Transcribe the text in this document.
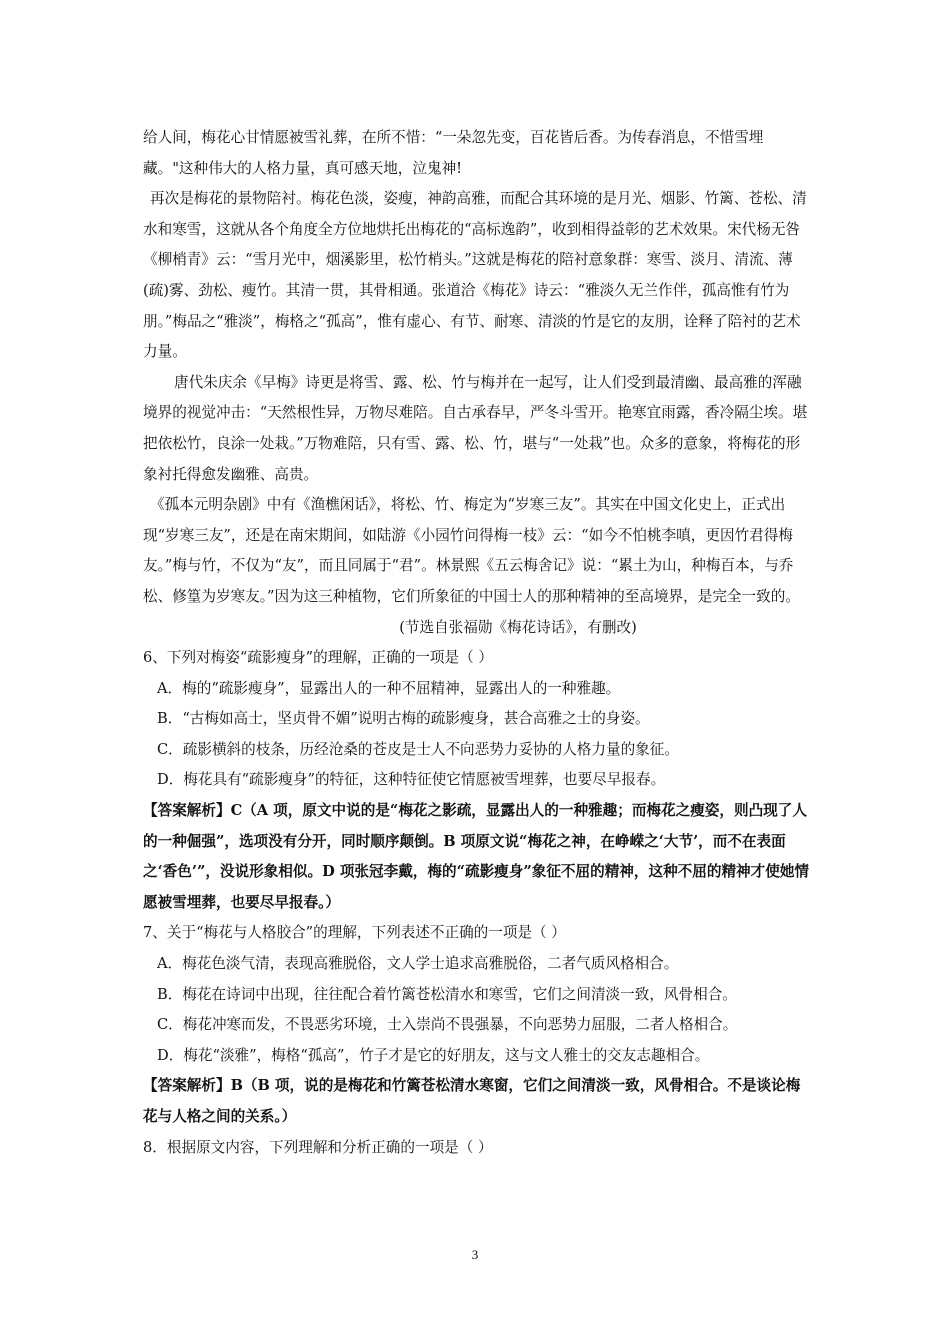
给人间，梅花心甘情愿被雪礼葬，在所不惜：“一朵忽先变，百花皆后香。为传春消息，不惜雪埋藏。"这种伟大的人格力量，真可感天地，泣鬼神!

再次是梅花的景物陪衬。梅花色淡，姿瘦，神韵高雅，而配合其环境的是月光、烟影、竹篱、苍松、清水和寒雪，这就从各个角度全方位地烘托出梅花的“高标逸韵”，收到相得益彰的艺术效果。宋代杨无咎《柳梢青》云：“雪月光中，烟溪影里，松竹梢头。”这就是梅花的陪衬意象群：寒雪、淡月、清流、薄(疏)雾、劲松、瘦竹。其清一贯，其骨相通。张道洽《梅花》诗云：“雅淡久无兰作伴，孤高惟有竹为朋。”梅品之“雅淡”，梅格之“孤高”，惟有虚心、有节、耐寒、清淡的竹是它的友朋，诠释了陪衬的艺术力量。

唐代朱庆余《早梅》诗更是将雪、露、松、竹与梅并在一起写，让人们受到最清幽、最高雅的浑融境界的视觉冲击：“天然根性异，万物尽难陪。自古承春早，严冬斗雪开。艳寒宜雨露，香冷隔尘埃。堪把依松竹，良涂一处栽。”万物难陪，只有雪、露、松、竹，堪与“一处栽”也。众多的意象，将梅花的形象衬托得愈发幽雅、高贵。

《孤本元明杂剧》中有《渔樵闲话》，将松、竹、梅定为“岁寒三友”。其实在中国文化史上，正式出现“岁寒三友”，还是在南宋期间，如陆游《小园竹问得梅一枝》云：“如今不怕桃李嗔，更因竹君得梅友。”梅与竹，不仅为“友”，而且同属于“君”。林景熙《五云梅舍记》说：“累土为山，种梅百本，与乔松、修篁为岁寒友。”因为这三种植物，它们所象征的中国士人的那种精神的至高境界，是完全一致的。

(节选自张福勋《梅花诗话》，有删改)

6、下列对梅姿“疏影瘦身”的理解，正确的一项是（ ）

A．梅的“疏影瘦身”，显露出人的一种不屈精神，显露出人的一种雅趣。

B．“古梅如高士，坚贞骨不媚”说明古梅的疏影瘦身，甚合高雅之士的身姿。

C．疏影横斜的枝条，历经沧桑的苍皮是士人不向恶势力妥协的人格力量的象征。

D．梅花具有“疏影瘦身”的特征，这种特征使它情愿被雪埋葬，也要尽早报春。

【答案解析】C（A 项，原文中说的是“梅花之影疏，显露出人的一种雅趣；而梅花之瘦姿，则凸现了人的一种倔强”，选项没有分开，同时顺序颠倒。B 项原文说“梅花之神，在峥嵘之‘大节’，而不在表面之‘香色’”，没说形象相似。D 项张冠李戴，梅的“疏影瘦身”象征不屈的精神，这种不屈的精神才使她情愿被雪埋葬，也要尽早报春。）

7、关于“梅花与人格胶合”的理解，下列表述不正确的一项是（ ）

A．梅花色淡气清，表现高雅脱俗，文人学士追求高雅脱俗，二者气质风格相合。

B．梅花在诗词中出现，往往配合着竹篱苍松清水和寒雪，它们之间清淡一致，风骨相合。

C．梅花冲寒而发，不畏恶劣环境，士入崇尚不畏强暴，不向恶势力屈服，二者人格相合。

D．梅花“淡雅”，梅格“孤高”，竹子才是它的好朋友，这与文人雅士的交友志趣相合。

【答案解析】B（B 项，说的是梅花和竹篱苍松清水寒窗，它们之间清淡一致，风骨相合。不是谈论梅花与人格之间的关系。）

8．根据原文内容，下列理解和分析正确的一项是（ ）

3
